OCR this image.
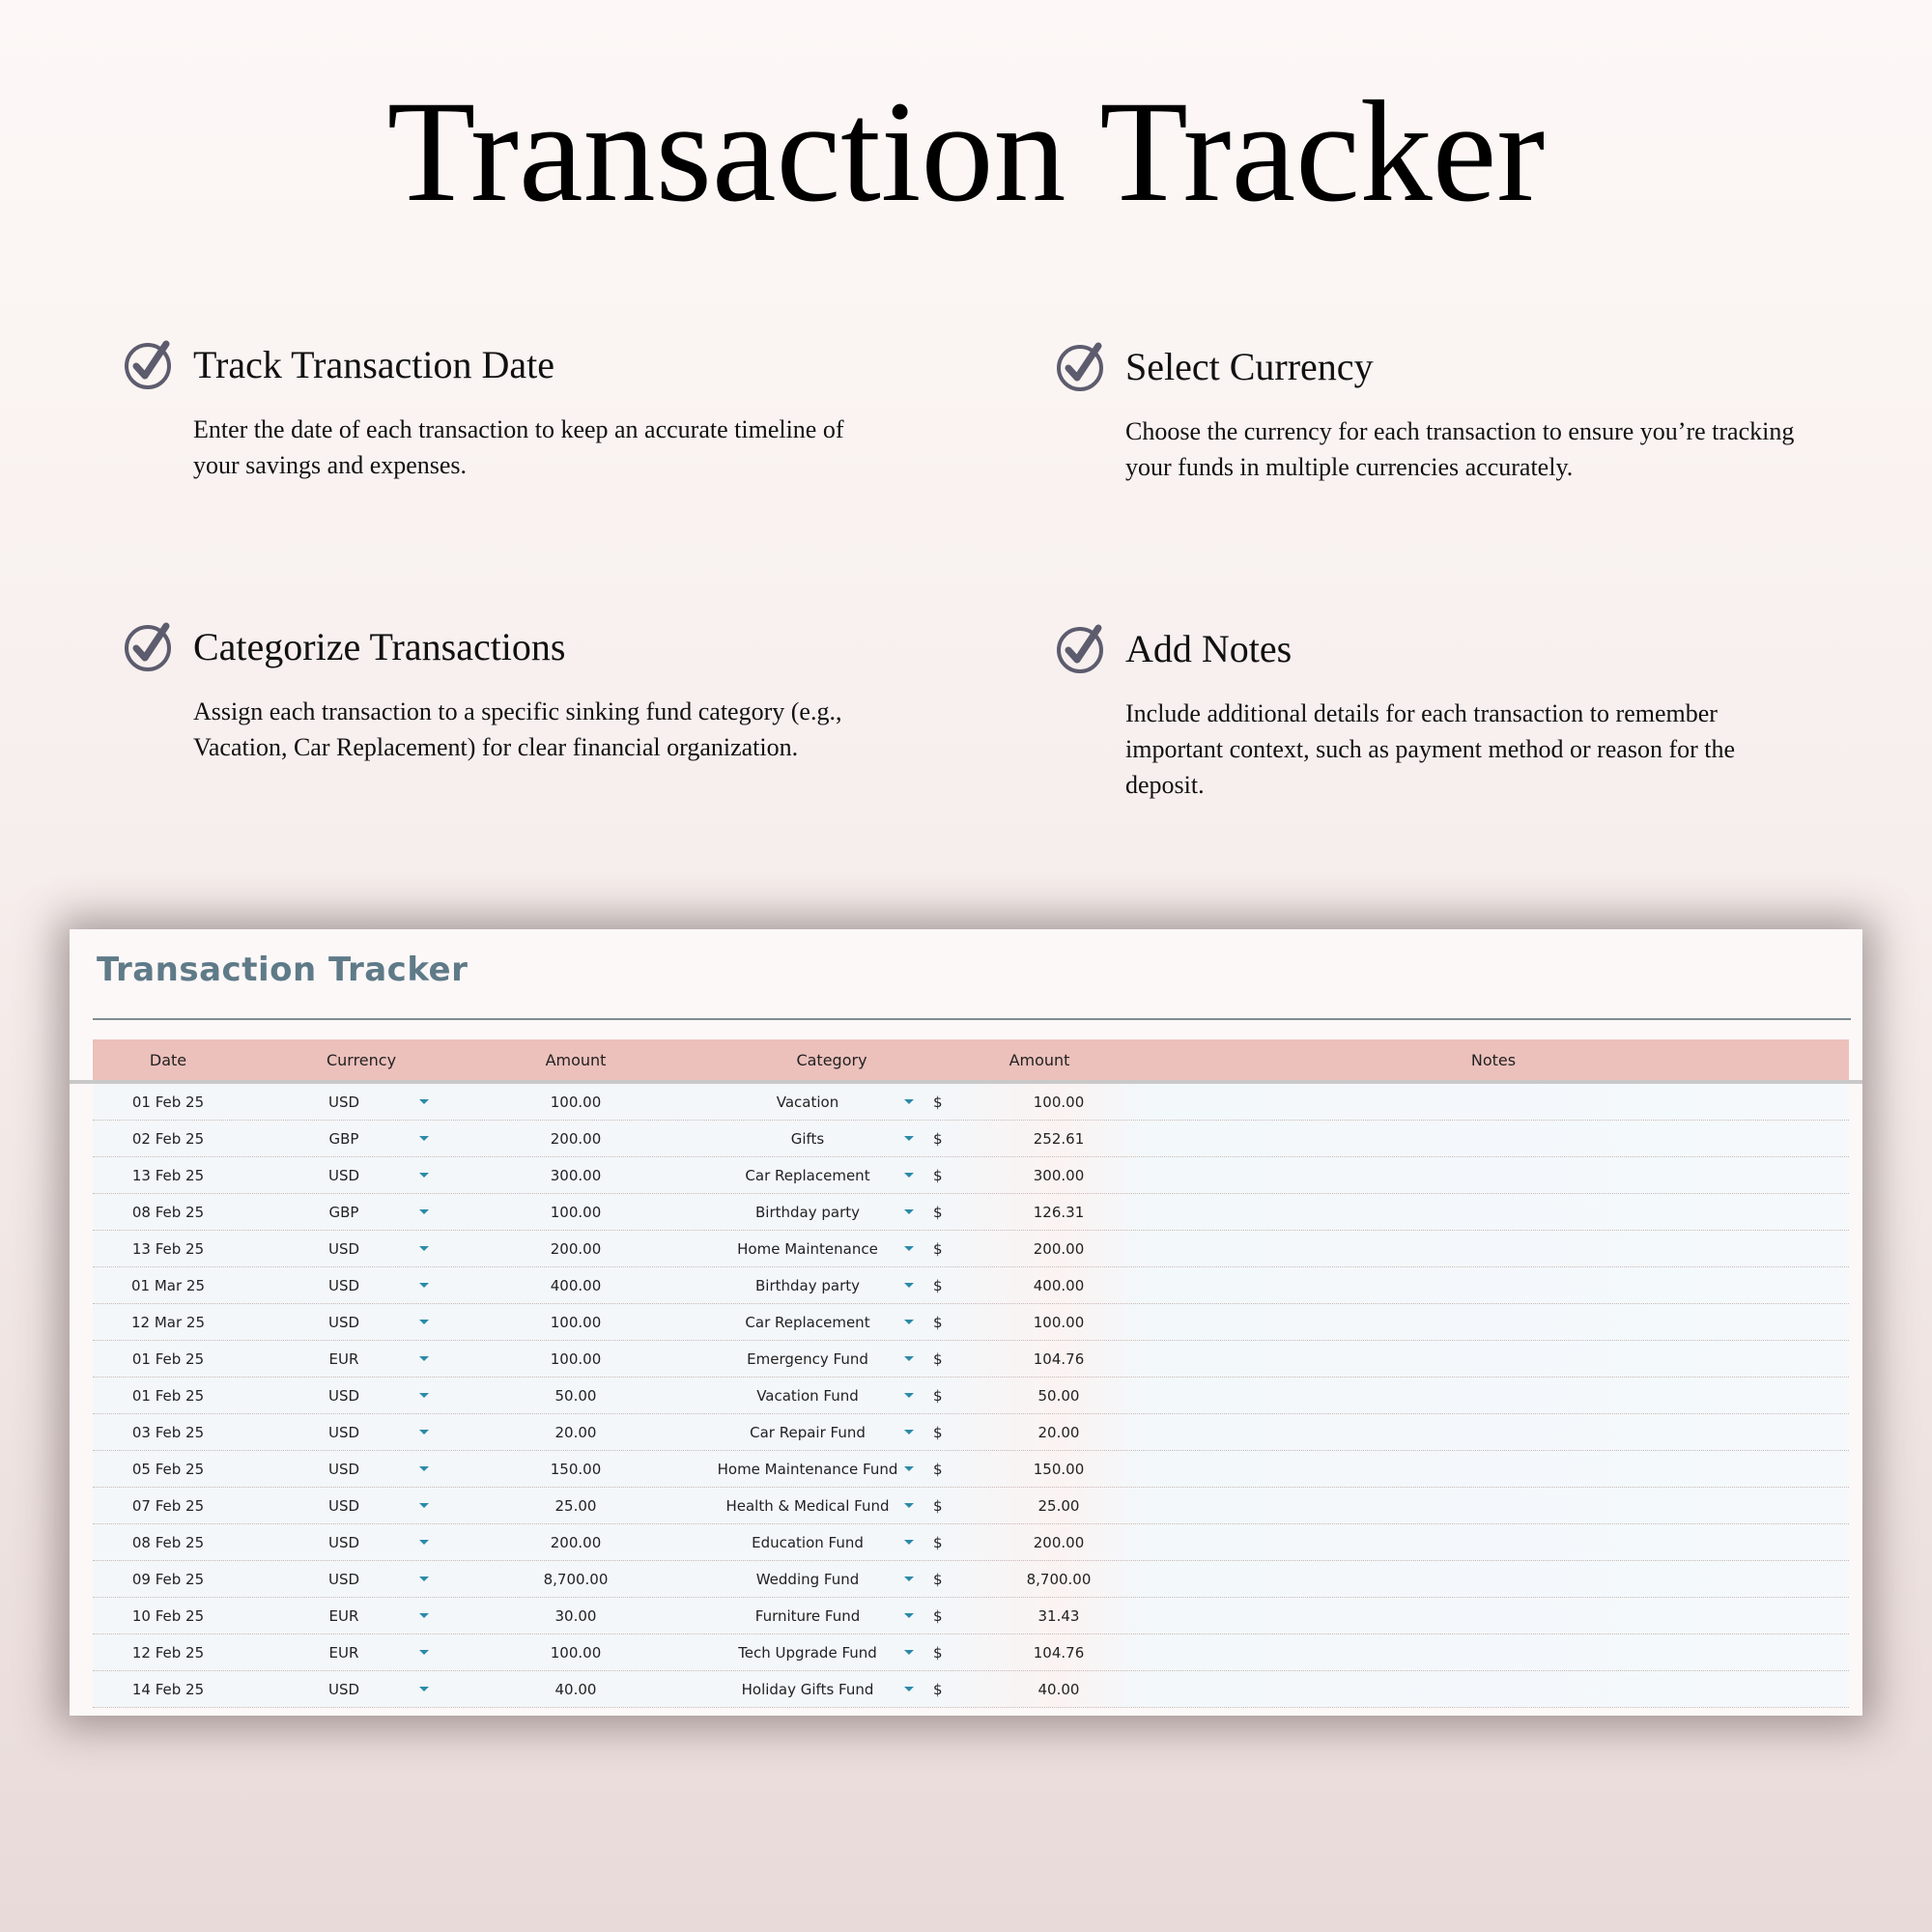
Transaction Tracker
Track Transaction Date

Enter the date of each transaction to keep an accurate timeline of your savings and expenses.

Select Currency

Choose the currency for each transaction to ensure you’re tracking your funds in multiple currencies accurately.

Categorize Transactions

Assign each transaction to a specific sinking fund category (e.g., Vacation, Car Replacement) for clear financial organization.

Add Notes

Include additional details for each transaction to remember important context, such as payment method or reason for the deposit.

Transaction Tracker
Date	Currency	Amount	Category	Amount	Notes
01 Feb 25	USD	100.00	Vacation	$	100.00
02 Feb 25	GBP	200.00	Gifts	$	252.61
13 Feb 25	USD	300.00	Car Replacement	$	300.00
08 Feb 25	GBP	100.00	Birthday party	$	126.31
13 Feb 25	USD	200.00	Home Maintenance	$	200.00
01 Mar 25	USD	400.00	Birthday party	$	400.00
12 Mar 25	USD	100.00	Car Replacement	$	100.00
01 Feb 25	EUR	100.00	Emergency Fund	$	104.76
01 Feb 25	USD	50.00	Vacation Fund	$	50.00
03 Feb 25	USD	20.00	Car Repair Fund	$	20.00
05 Feb 25	USD	150.00	Home Maintenance Fund	$	150.00
07 Feb 25	USD	25.00	Health & Medical Fund	$	25.00
08 Feb 25	USD	200.00	Education Fund	$	200.00
09 Feb 25	USD	8,700.00	Wedding Fund	$	8,700.00
10 Feb 25	EUR	30.00	Furniture Fund	$	31.43
12 Feb 25	EUR	100.00	Tech Upgrade Fund	$	104.76
14 Feb 25	USD	40.00	Holiday Gifts Fund	$	40.00
